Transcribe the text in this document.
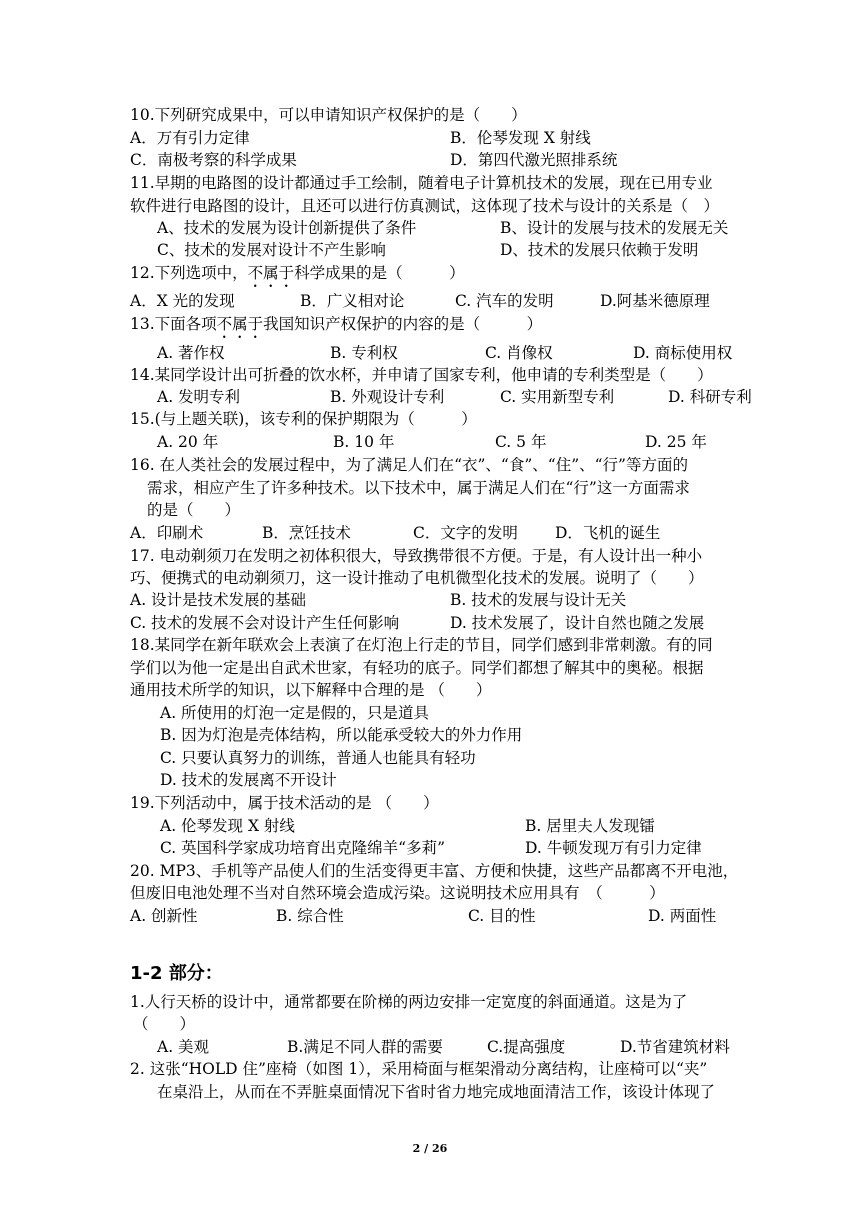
10.下列研究成果中，可以申请知识产权保护的是（　　）
A．万有引力定律	B．伦琴发现 X 射线
C．南极考察的科学成果	D．第四代激光照排系统
11.早期的电路图的设计都通过手工绘制，随着电子计算机技术的发展，现在已用专业
软件进行电路图的设计，且还可以进行仿真测试，这体现了技术与设计的关系是（　）
A、技术的发展为设计创新提供了条件	B、设计的发展与技术的发展无关
C、技术的发展对设计不产生影响	D、技术的发展只依赖于发明
12.下列选项中，不属于科学成果的是（　　　）
A．X 光的发现	B．广义相对论	C. 汽车的发明	D.阿基米德原理
13.下面各项不属于我国知识产权保护的内容的是（　　　）
A. 著作权	B. 专利权	C. 肖像权	D. 商标使用权
14.某同学设计出可折叠的饮水杯，并申请了国家专利，他申请的专利类型是（　　）
A. 发明专利	B. 外观设计专利	C. 实用新型专利	D. 科研专利
15.(与上题关联)，该专利的保护期限为（　　　）
A. 20 年	B. 10 年	C. 5 年	D. 25 年
16. 在人类社会的发展过程中，为了满足人们在“衣”、“食”、“住”、“行”等方面的
需求，相应产生了许多种技术。以下技术中，属于满足人们在“行”这一方面需求
的是（　　）
A．印刷术	B．烹饪技术	C．文字的发明 D．飞机的诞生
17. 电动剃须刀在发明之初体积很大，导致携带很不方便。于是，有人设计出一种小
巧、便携式的电动剃须刀，这一设计推动了电机微型化技术的发展。说明了（　　）
A. 设计是技术发展的基础	B. 技术的发展与设计无关
C. 技术的发展不会对设计产生任何影响	D. 技术发展了，设计自然也随之发展
18.某同学在新年联欢会上表演了在灯泡上行走的节目，同学们感到非常刺激。有的同
学们以为他一定是出自武术世家，有轻功的底子。同学们都想了解其中的奥秘。根据
通用技术所学的知识，以下解释中合理的是 （　　）
A. 所使用的灯泡一定是假的，只是道具
B. 因为灯泡是壳体结构，所以能承受较大的外力作用
C. 只要认真努力的训练，普通人也能具有轻功
D. 技术的发展离不开设计
19.下列活动中，属于技术活动的是 （　　）
A. 伦琴发现 X 射线	B. 居里夫人发现镭
C. 英国科学家成功培育出克隆绵羊“多莉”	D. 牛顿发现万有引力定律
20. MP3、手机等产品使人们的生活变得更丰富、方便和快捷，这些产品都离不开电池，
但废旧电池处理不当对自然环境会造成污染。这说明技术应用具有　（　　　）
A. 创新性	B. 综合性	C. 目的性	D. 两面性
1-2 部分：
1.人行天桥的设计中，通常都要在阶梯的两边安排一定宽度的斜面通道。这是为了
（　　）
A. 美观	B.满足不同人群的需要	C.提高强度	D.节省建筑材料
2. 这张“HOLD 住”座椅（如图 1），采用椅面与框架滑动分离结构，让座椅可以“夹”
在桌沿上，从而在不弄脏桌面情况下省时省力地完成地面清洁工作，该设计体现了
2 / 26
